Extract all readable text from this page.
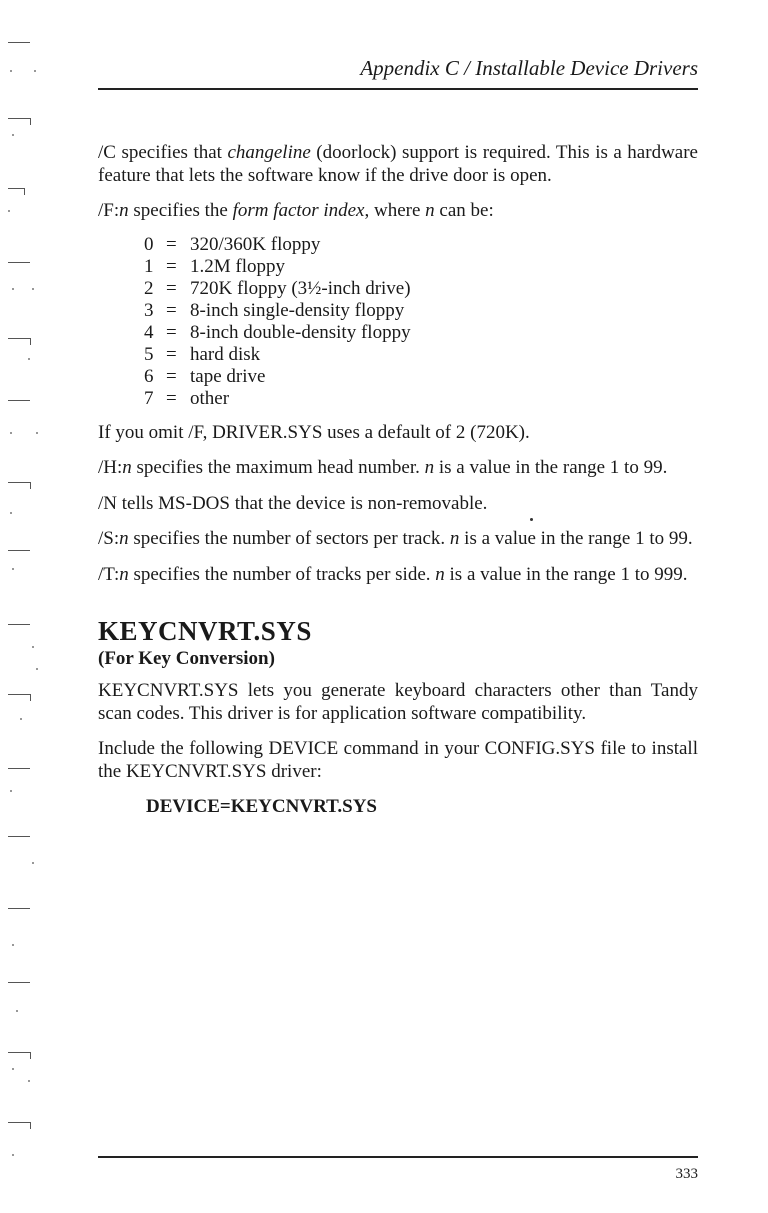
Appendix C / Installable Device Drivers

/C specifies that changeline (doorlock) support is required. This is a hardware feature that lets the software know if the drive door is open.

/F:n specifies the form factor index, where n can be:

0 = 320/360K floppy
1 = 1.2M floppy
2 = 720K floppy (3½-inch drive)
3 = 8-inch single-density floppy
4 = 8-inch double-density floppy
5 = hard disk
6 = tape drive
7 = other

If you omit /F, DRIVER.SYS uses a default of 2 (720K).

/H:n specifies the maximum head number. n is a value in the range 1 to 99.

/N tells MS-DOS that the device is non-removable.

/S:n specifies the number of sectors per track. n is a value in the range 1 to 99.

/T:n specifies the number of tracks per side. n is a value in the range 1 to 999.

KEYCNVRT.SYS
(For Key Conversion)

KEYCNVRT.SYS lets you generate keyboard characters other than Tandy scan codes. This driver is for application software compatibility.

Include the following DEVICE command in your CONFIG.SYS file to install the KEYCNVRT.SYS driver:

DEVICE=KEYCNVRT.SYS
333
